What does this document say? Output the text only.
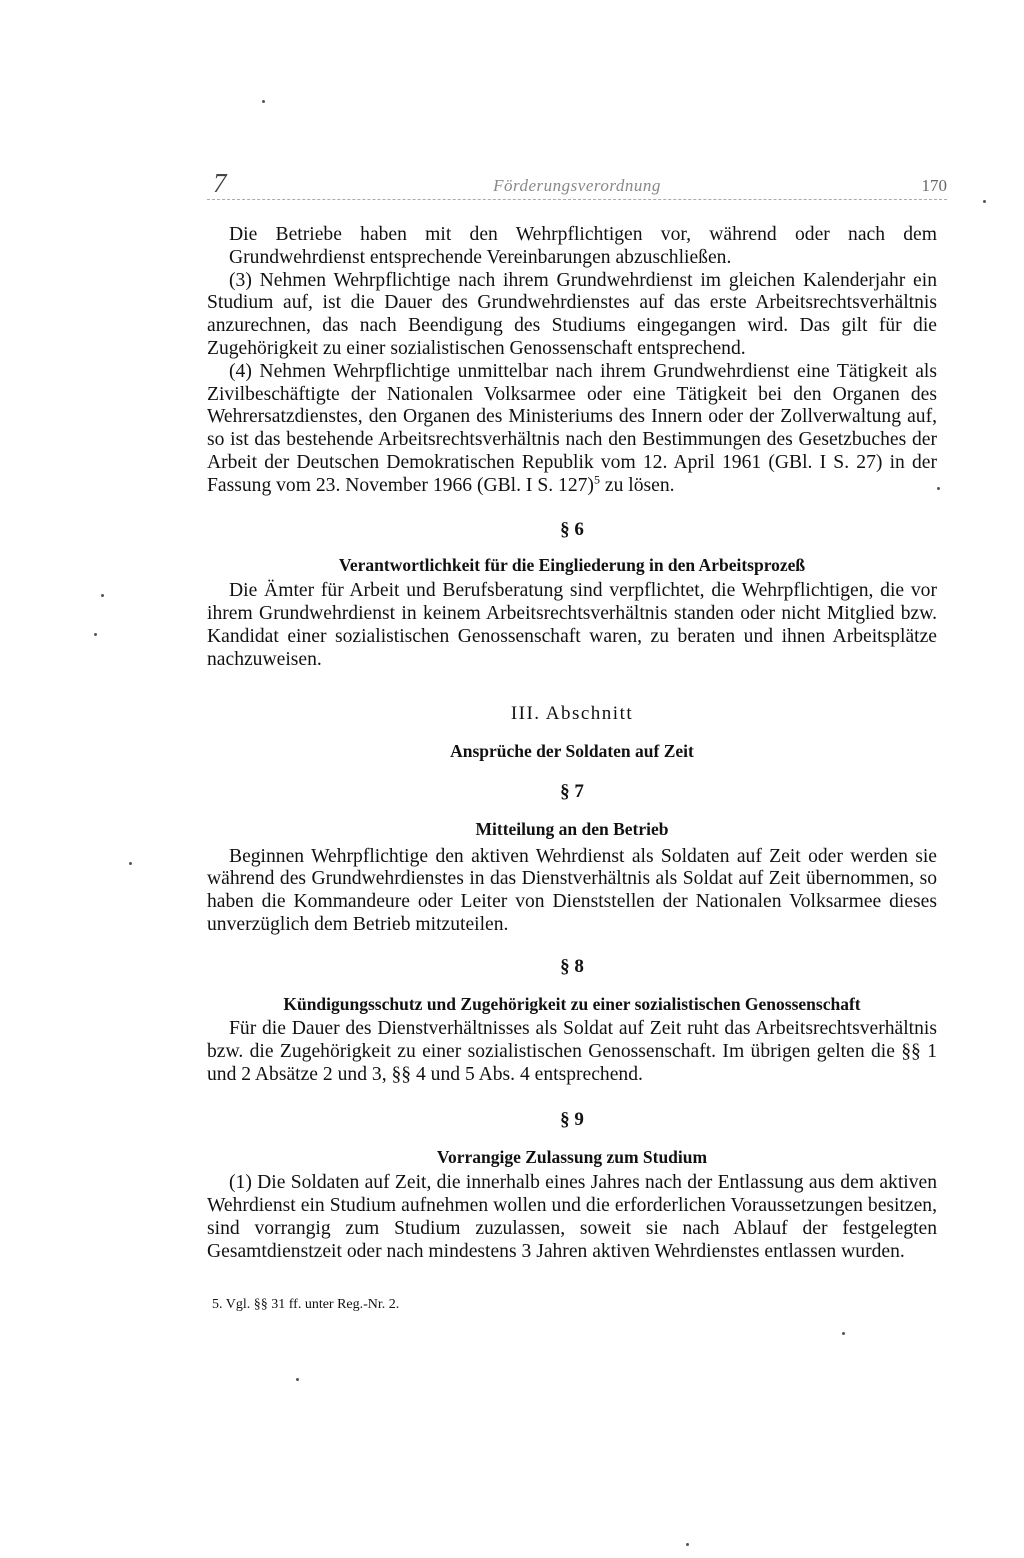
7	Förderungsverordnung	170

Die Betriebe haben mit den Wehrpflichtigen vor, während oder nach dem Grundwehrdienst entsprechende Vereinbarungen abzuschließen.

(3) Nehmen Wehrpflichtige nach ihrem Grundwehrdienst im gleichen Kalenderjahr ein Studium auf, ist die Dauer des Grundwehrdienstes auf das erste Arbeitsrechtsverhältnis anzurechnen, das nach Beendigung des Studiums eingegangen wird. Das gilt für die Zugehörigkeit zu einer sozialistischen Genossenschaft entsprechend.

(4) Nehmen Wehrpflichtige unmittelbar nach ihrem Grundwehrdienst eine Tätigkeit als Zivilbeschäftigte der Nationalen Volksarmee oder eine Tätigkeit bei den Organen des Wehrersatzdienstes, den Organen des Ministeriums des Innern oder der Zollverwaltung auf, so ist das bestehende Arbeitsrechtsverhältnis nach den Bestimmungen des Gesetzbuches der Arbeit der Deutschen Demokratischen Republik vom 12. April 1961 (GBl. I S. 27) in der Fassung vom 23. November 1966 (GBl. I S. 127)$^5$ zu lösen.

§ 6
Verantwortlichkeit für die Eingliederung in den Arbeitsprozeß

Die Ämter für Arbeit und Berufsberatung sind verpflichtet, die Wehrpflichtigen, die vor ihrem Grundwehrdienst in keinem Arbeitsrechtsverhältnis standen oder nicht Mitglied bzw. Kandidat einer sozialistischen Genossenschaft waren, zu beraten und ihnen Arbeitsplätze nachzuweisen.

III. Abschnitt
Ansprüche der Soldaten auf Zeit
§ 7
Mitteilung an den Betrieb

Beginnen Wehrpflichtige den aktiven Wehrdienst als Soldaten auf Zeit oder werden sie während des Grundwehrdienstes in das Dienstverhältnis als Soldat auf Zeit übernommen, so haben die Kommandeure oder Leiter von Dienststellen der Nationalen Volksarmee dieses unverzüglich dem Betrieb mitzuteilen.

§ 8
Kündigungsschutz und Zugehörigkeit zu einer sozialistischen Genossenschaft

Für die Dauer des Dienstverhältnisses als Soldat auf Zeit ruht das Arbeitsrechtsverhältnis bzw. die Zugehörigkeit zu einer sozialistischen Genossenschaft. Im übrigen gelten die §§ 1 und 2 Absätze 2 und 3, §§ 4 und 5 Abs. 4 entsprechend.

§ 9
Vorrangige Zulassung zum Studium

(1) Die Soldaten auf Zeit, die innerhalb eines Jahres nach der Entlassung aus dem aktiven Wehrdienst ein Studium aufnehmen wollen und die erforderlichen Voraussetzungen besitzen, sind vorrangig zum Studium zuzulassen, soweit sie nach Ablauf der festgelegten Gesamtdienstzeit oder nach mindestens 3 Jahren aktiven Wehrdienstes entlassen wurden.

5. Vgl. §§ 31 ff. unter Reg.-Nr. 2.
